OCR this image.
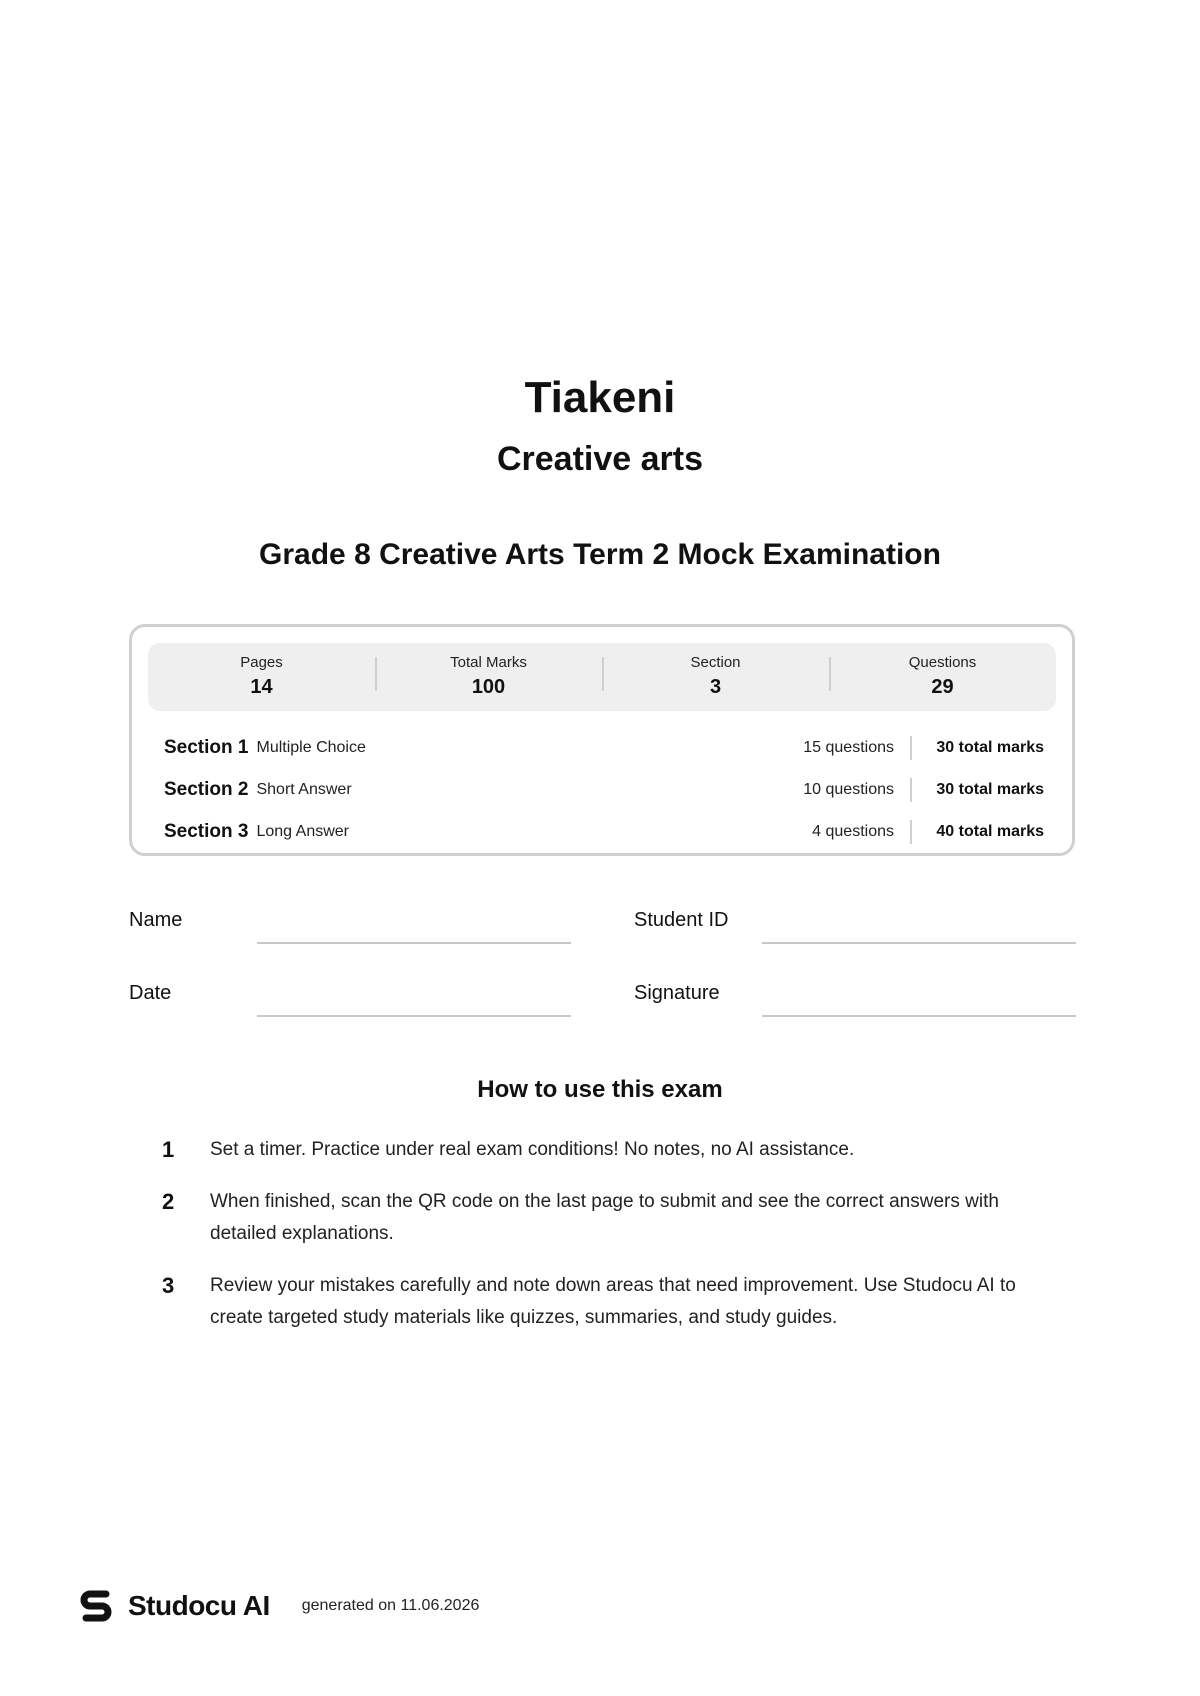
Tiakeni
Creative arts
Grade 8 Creative Arts Term 2 Mock Examination
Pages
14
Total Marks
100
Section
3
Questions
29
Section 1 Multiple Choice	15 questions	30 total marks
Section 2 Short Answer	10 questions	30 total marks
Section 3 Long Answer	4 questions	40 total marks
Name	Student ID
Date	Signature
How to use this exam
1	Set a timer. Practice under real exam conditions! No notes, no AI assistance.
2	When finished, scan the QR code on the last page to submit and see the correct answers with detailed explanations.
3	Review your mistakes carefully and note down areas that need improvement. Use Studocu AI to create targeted study materials like quizzes, summaries, and study guides.
Studocu AI generated on 11.06.2026
